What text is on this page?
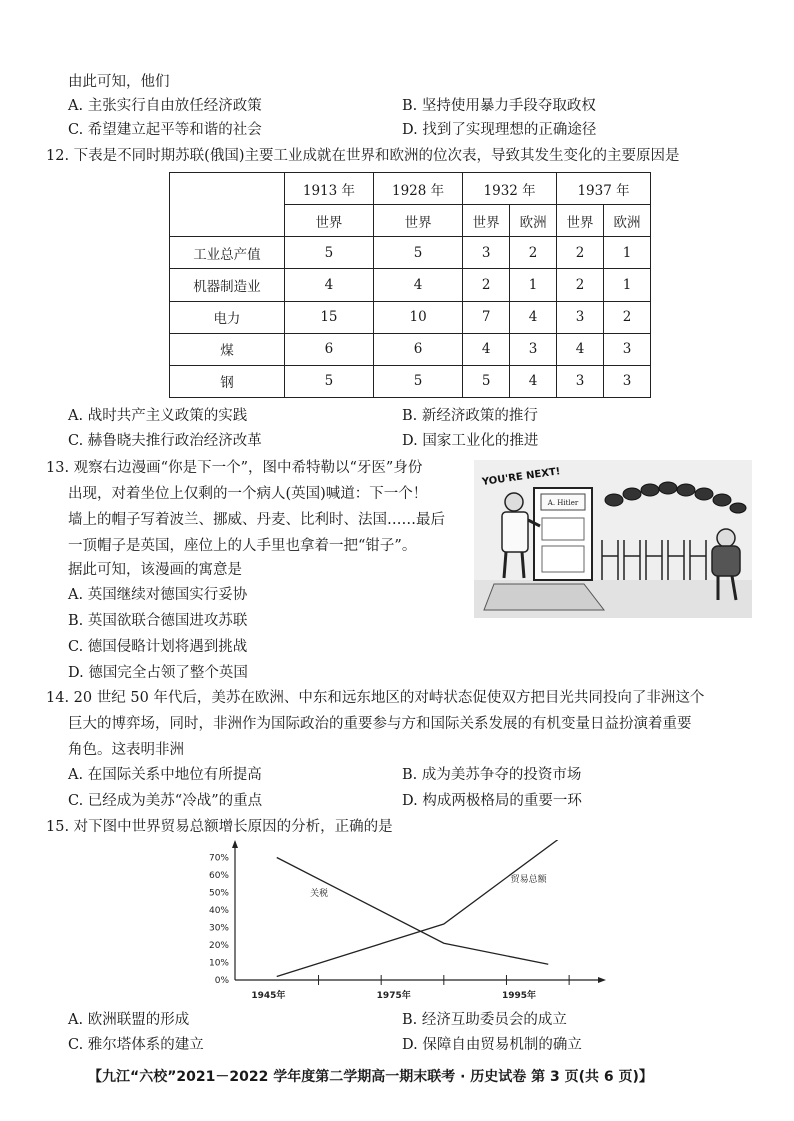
由此可知，他们
A. 主张实行自由放任经济政策	B. 坚持使用暴力手段夺取政权
C. 希望建立起平等和谐的社会	D. 找到了实现理想的正确途径
12. 下表是不同时期苏联(俄国)主要工业成就在世界和欧洲的位次表，导致其发生变化的主要原因是
	1913 年	1928 年	1932 年		1937 年	
	世界	世界	世界	欧洲	世界	欧洲
工业总产值	5	5	3	2	2	1
机器制造业	4	4	2	1	2	1
电力	15	10	7	4	3	2
煤	6	6	4	3	4	3
钢	5	5	5	4	3	3
A. 战时共产主义政策的实践	B. 新经济政策的推行
C. 赫鲁晓夫推行政治经济改革	D. 国家工业化的推进
13. 观察右边漫画“你是下一个”，图中希特勒以“牙医”身份
出现，对着坐位上仅剩的一个病人(英国)喊道：下一个！
墙上的帽子写着波兰、挪威、丹麦、比利时、法国……最后
一顶帽子是英国，座位上的人手里也拿着一把“钳子”。
据此可知，该漫画的寓意是
A. 英国继续对德国实行妥协
B. 英国欲联合德国进攻苏联
C. 德国侵略计划将遇到挑战
D. 德国完全占领了整个英国
A. Hitler
YOU'RE NEXT!
14. 20 世纪 50 年代后，美苏在欧洲、中东和远东地区的对峙状态促使双方把目光共同投向了非洲这个
巨大的博弈场，同时，非洲作为国际政治的重要参与方和国际关系发展的有机变量日益扮演着重要
角色。这表明非洲
A. 在国际关系中地位有所提高	B. 成为美苏争夺的投资市场
C. 已经成为美苏“冷战”的重点	D. 构成两极格局的重要一环
15. 对下图中世界贸易总额增长原因的分析，正确的是
0%
10%
20%
30%
40%
50%
60%
70%
1945年	1975年	1995年
关税
贸易总额
A. 欧洲联盟的形成	B. 经济互助委员会的成立
C. 雅尔塔体系的建立	D. 保障自由贸易机制的确立
【九江“六校”2021－2022 学年度第二学期高一期末联考 · 历史试卷 第 3 页(共 6 页)】
